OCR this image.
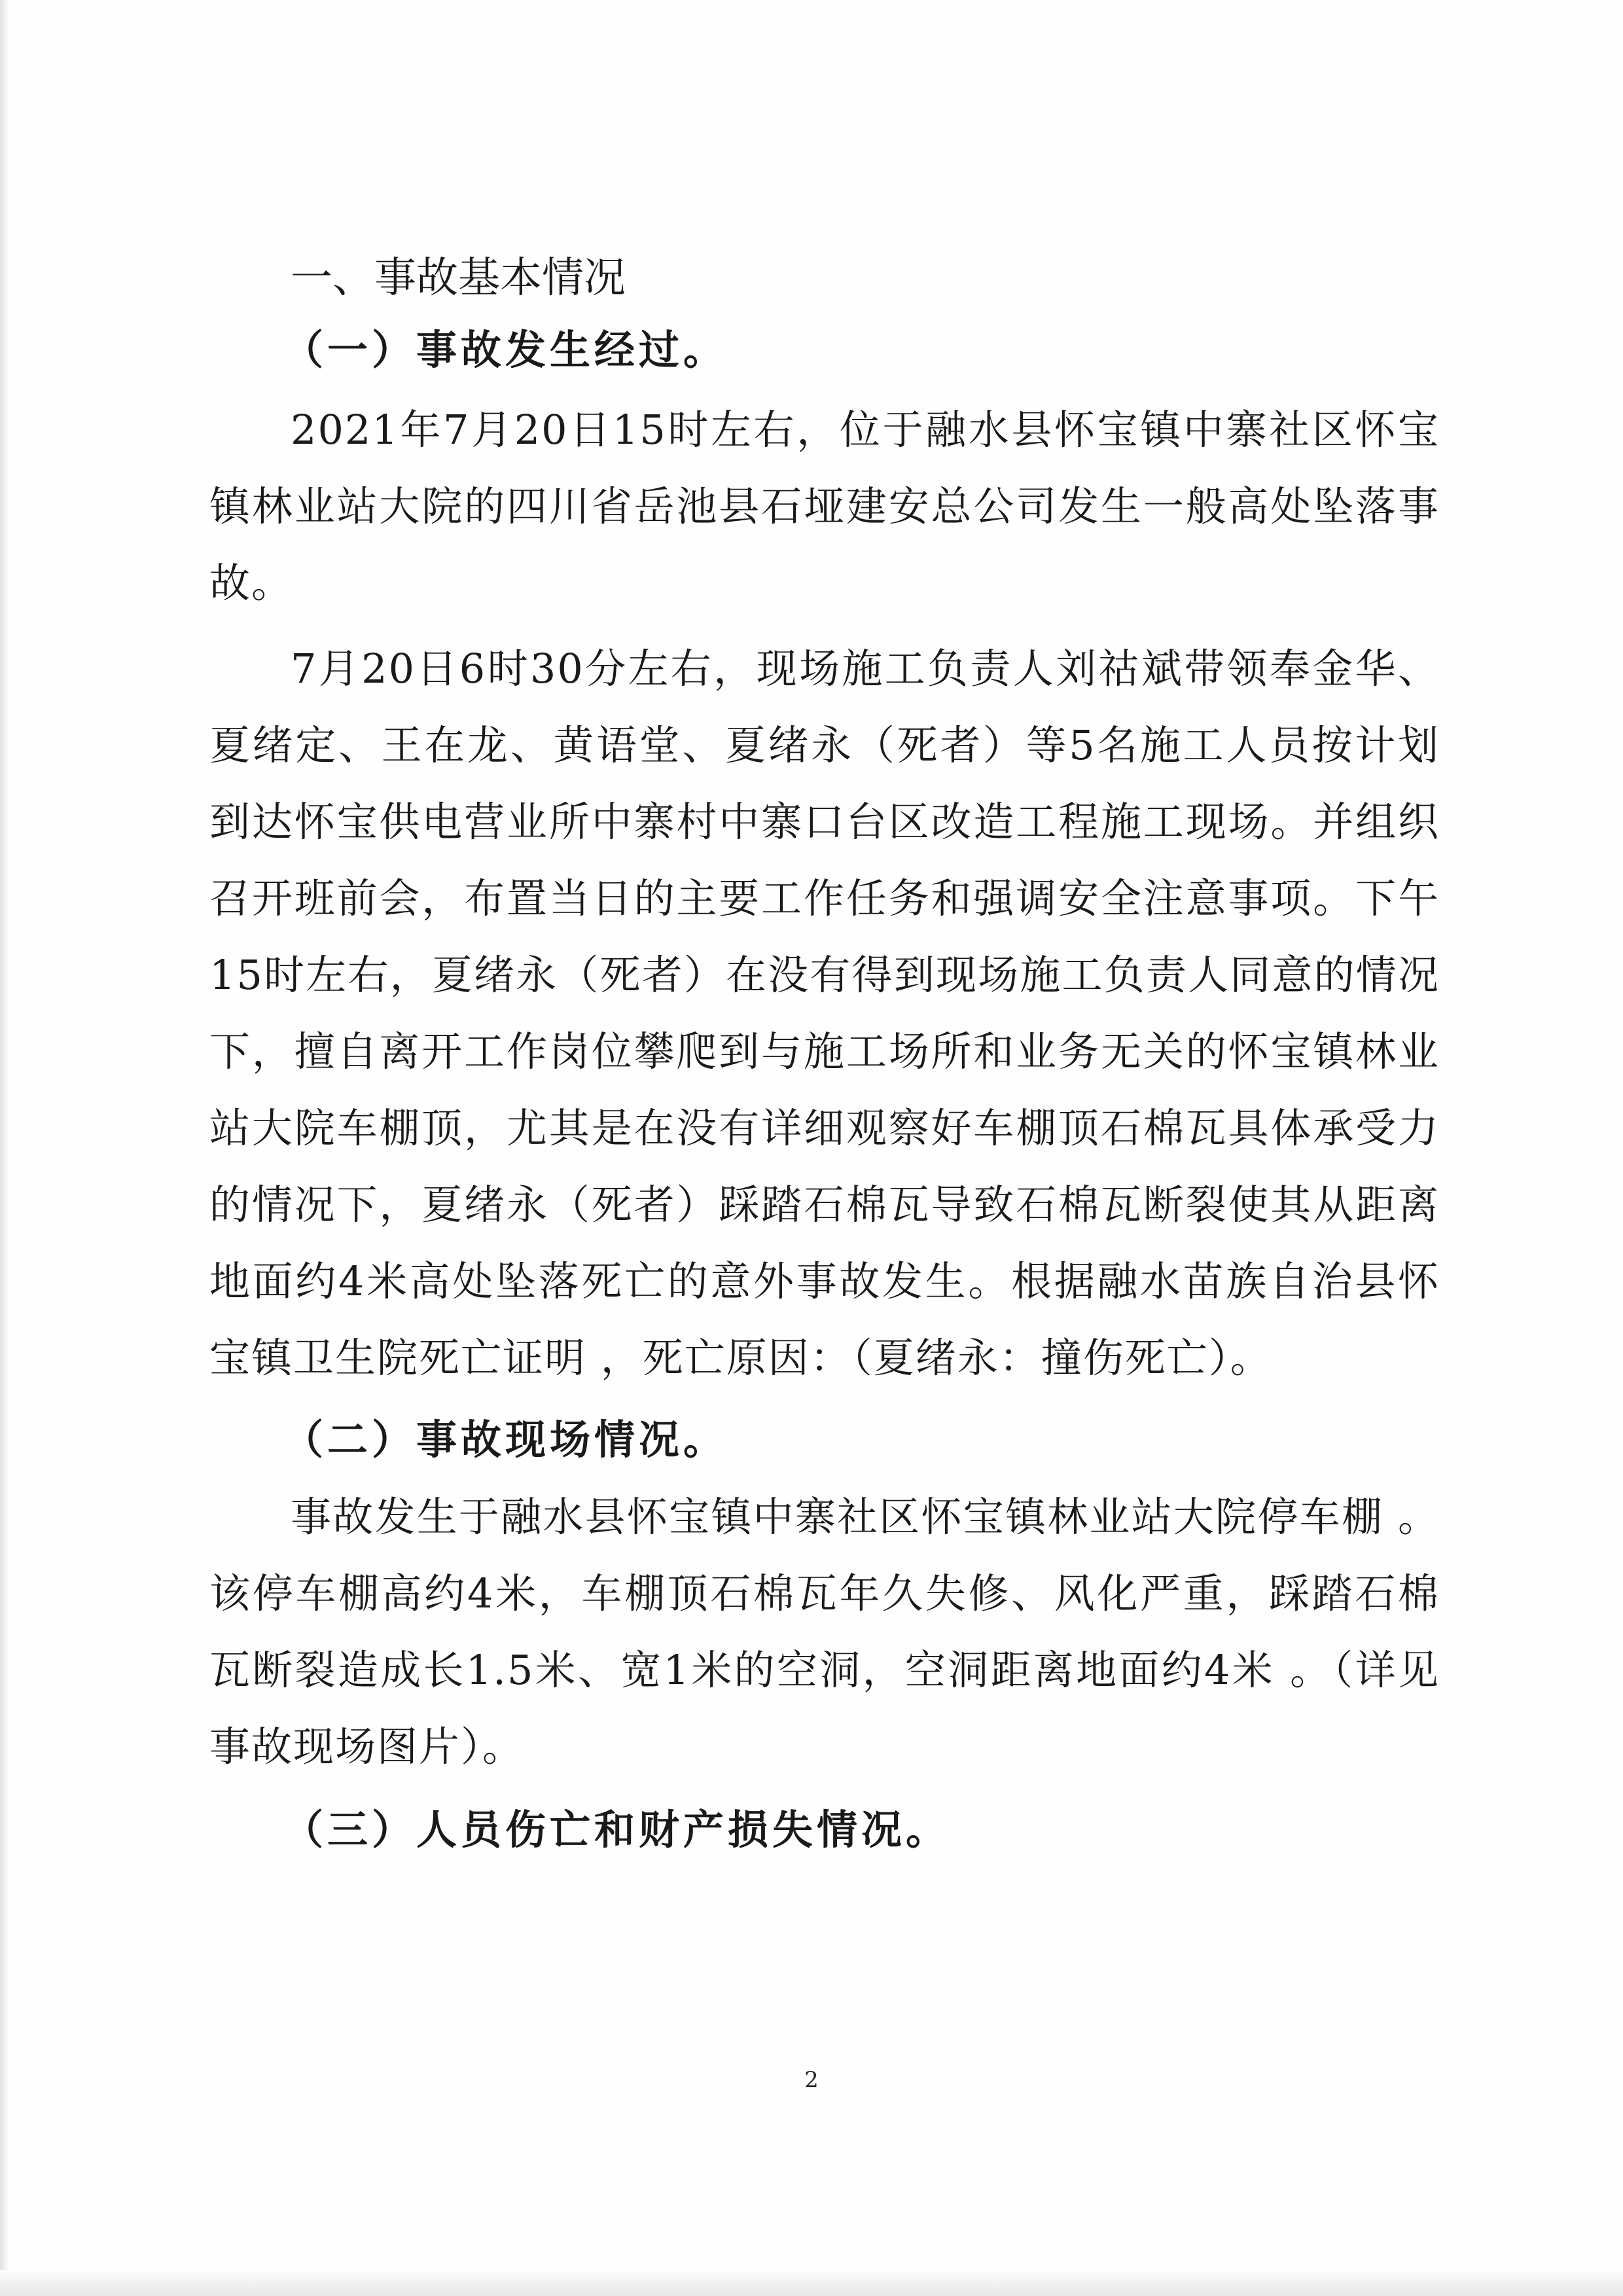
一、事故基本情况
（一）事故发生经过。

2021年7月20日15时左右，位于融水县怀宝镇中寨社区怀宝镇林业站大院的四川省岳池县石垭建安总公司发生一般高处坠落事故。

7月20日6时30分左右，现场施工负责人刘祜斌带领奉金华、夏绪定、王在龙、黄语堂、夏绪永（死者）等5名施工人员按计划到达怀宝供电营业所中寨村中寨口台区改造工程施工现场。并组织召开班前会，布置当日的主要工作任务和强调安全注意事项。下午15时左右，夏绪永（死者）在没有得到现场施工负责人同意的情况下，擅自离开工作岗位攀爬到与施工场所和业务无关的怀宝镇林业站大院车棚顶，尤其是在没有详细观察好车棚顶石棉瓦具体承受力的情况下，夏绪永（死者）踩踏石棉瓦导致石棉瓦断裂使其从距离地面约4米高处坠落死亡的意外事故发生。根据融水苗族自治县怀宝镇卫生院死亡证明 ，死亡原因：（夏绪永：撞伤死亡）。

（二）事故现场情况。

事故发生于融水县怀宝镇中寨社区怀宝镇林业站大院停车棚 。该停车棚高约4米，车棚顶石棉瓦年久失修、风化严重，踩踏石棉瓦断裂造成长1.5米、宽1米的空洞，空洞距离地面约4米 。（详见事故现场图片）。

（三）人员伤亡和财产损失情况。
2
